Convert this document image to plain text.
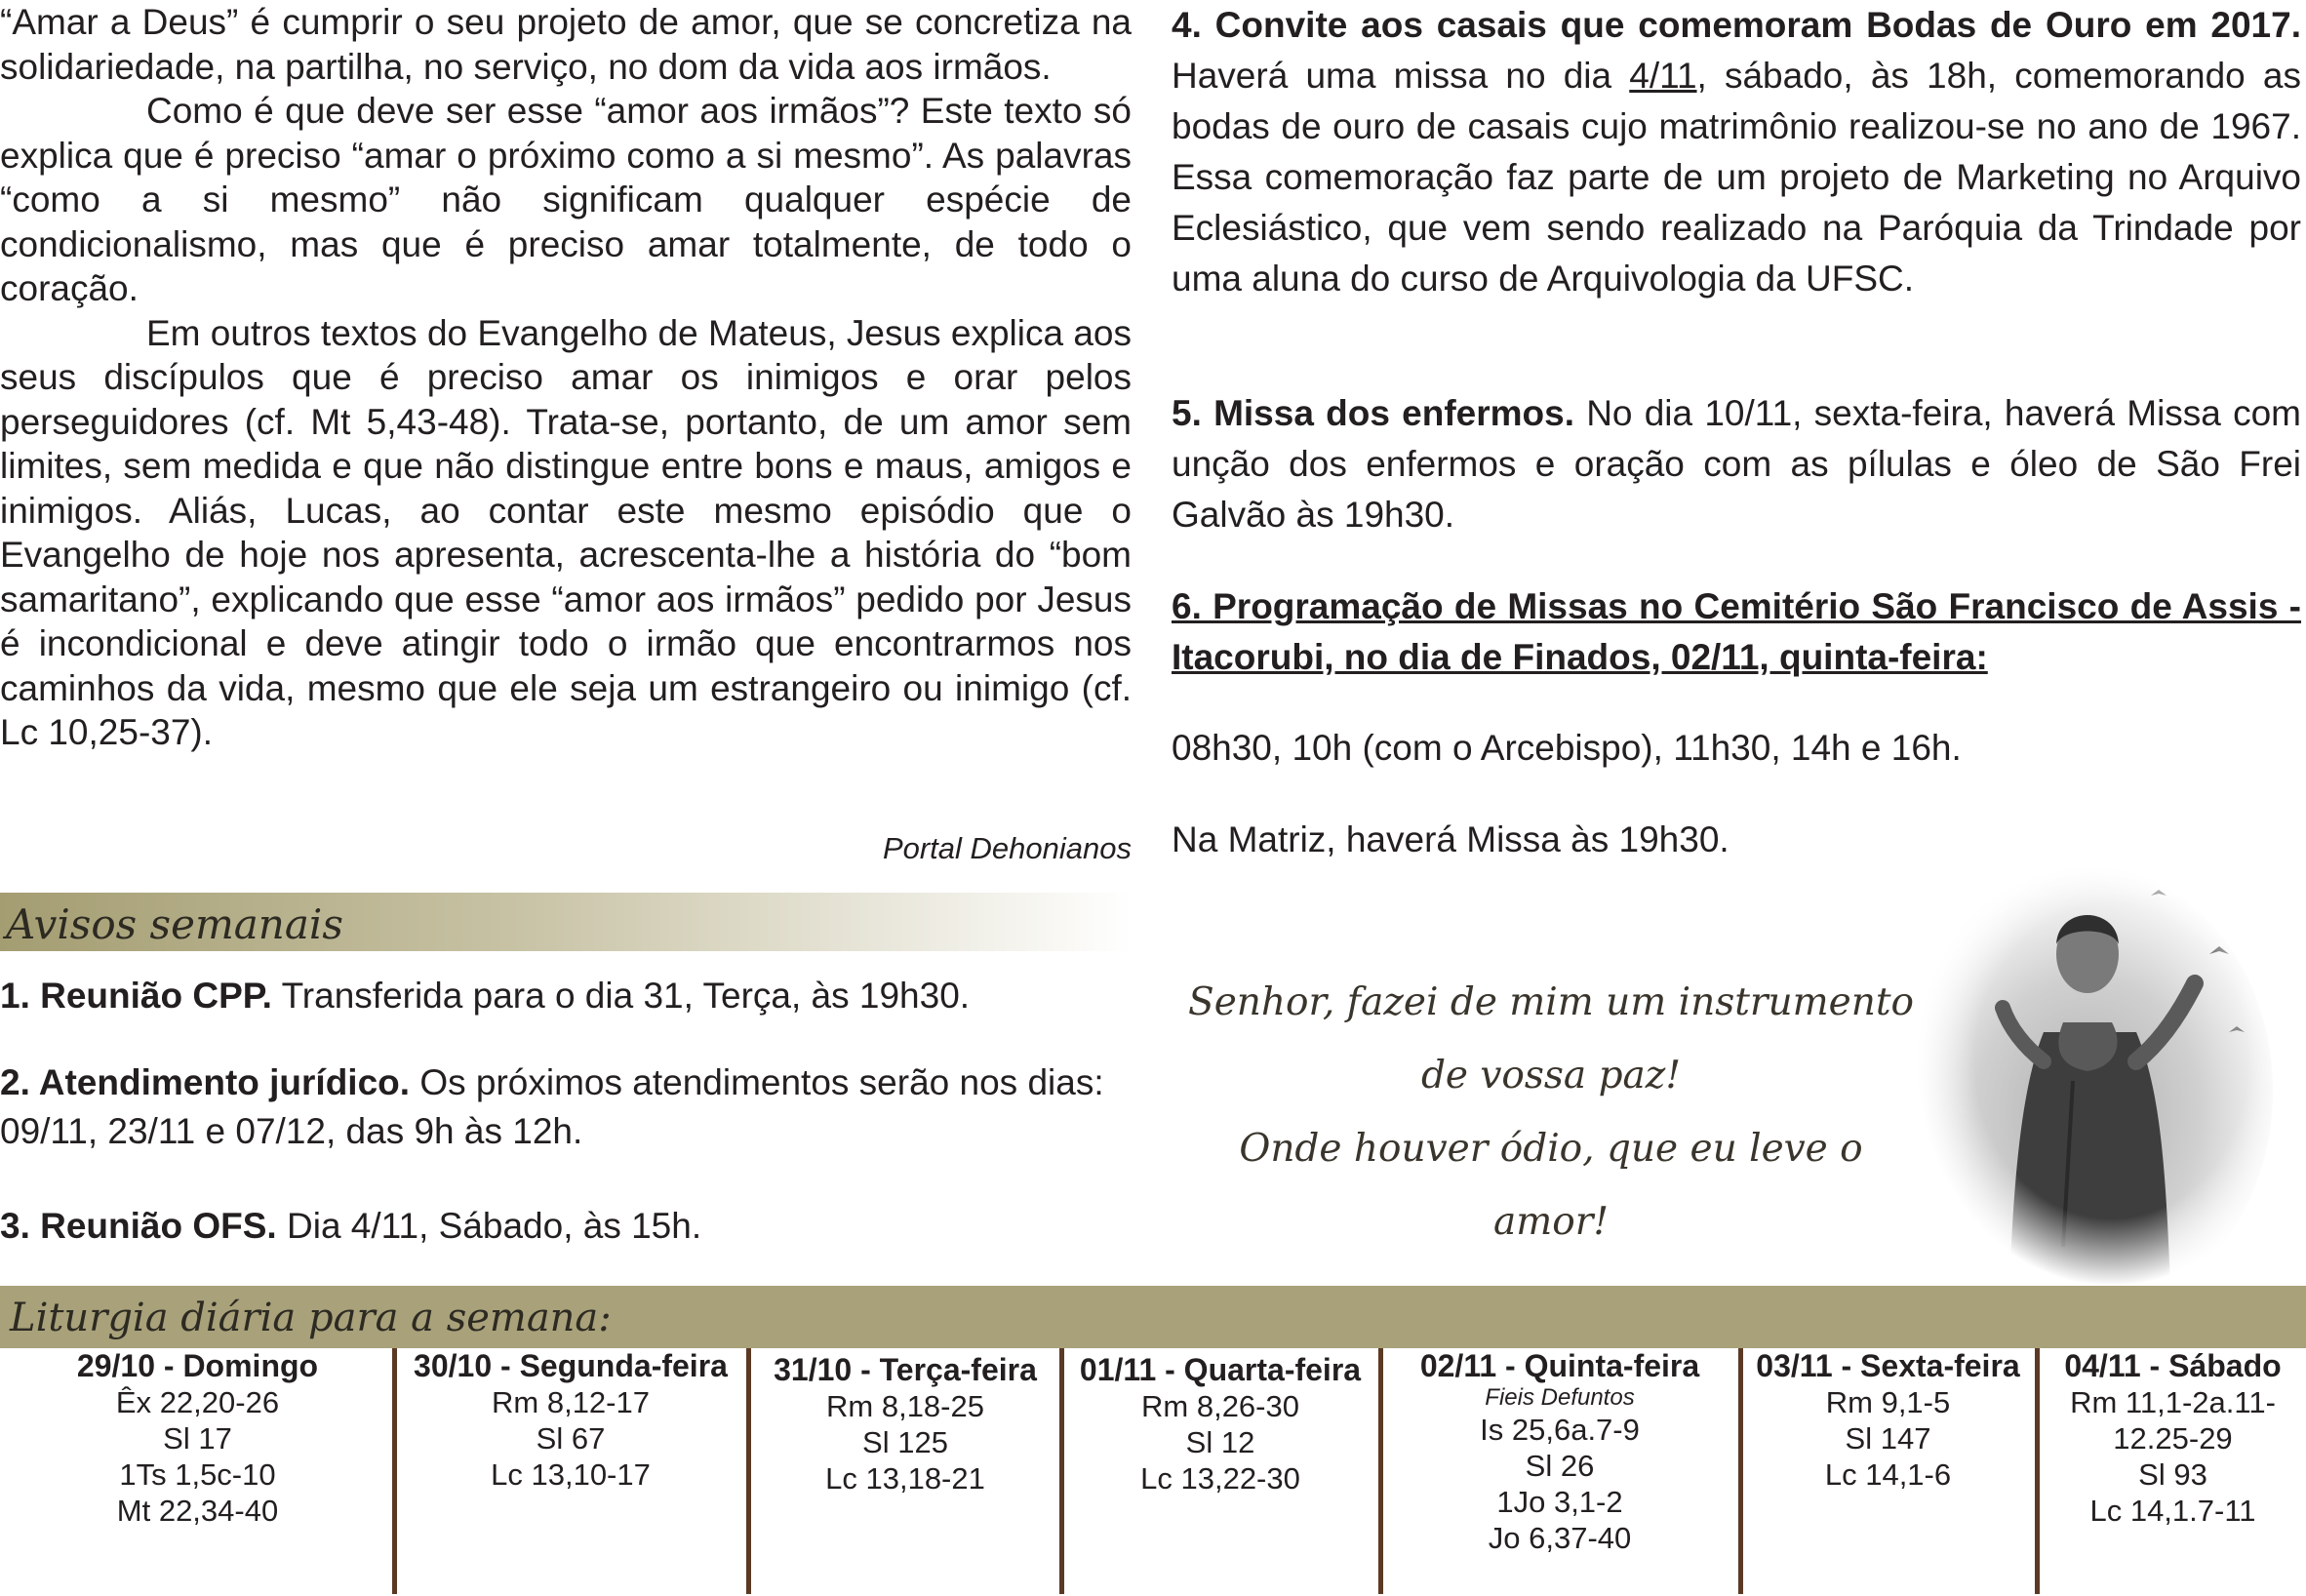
“Amar a Deus” é cumprir o seu projeto de amor, que se concretiza na solidariedade, na partilha, no serviço, no dom da vida aos irmãos.

Como é que deve ser esse “amor aos irmãos”? Este texto só explica que é preciso “amar o próximo como a si mesmo”. As palavras “como a si mesmo” não significam qualquer espécie de condicionalismo, mas que é preciso amar totalmente, de todo o coração.

Em outros textos do Evangelho de Mateus, Jesus explica aos seus discípulos que é preciso amar os inimigos e orar pelos perseguidores (cf. Mt 5,43-48). Trata-se, portanto, de um amor sem limites, sem medida e que não distingue entre bons e maus, amigos e inimigos. Aliás, Lucas, ao contar este mesmo episódio que o Evangelho de hoje nos apresenta, acrescenta-lhe a história do “bom samaritano”, explicando que esse “amor aos irmãos” pedido por Jesus é incondicional e deve atingir todo o irmão que encontrarmos nos caminhos da vida, mesmo que ele seja um estrangeiro ou inimigo (cf. Lc 10,25-37).

Portal Dehonianos
Avisos semanais
1. Reunião CPP. Transferida para o dia 31, Terça, às 19h30.
2. Atendimento jurídico. Os próximos atendimentos serão nos dias: 09/11, 23/11 e 07/12, das 9h às 12h.
3. Reunião OFS. Dia 4/11, Sábado, às 15h.

4. Convite aos casais que comemoram Bodas de Ouro em 2017. Haverá uma missa no dia 4/11, sábado, às 18h, comemorando as bodas de ouro de casais cujo matrimônio realizou-se no ano de 1967. Essa comemoração faz parte de um projeto de Marketing no Arquivo Eclesiástico, que vem sendo realizado na Paróquia da Trindade por uma aluna do curso de Arquivologia da UFSC.

5. Missa dos enfermos. No dia 10/11, sexta-feira, haverá Missa com unção dos enfermos e oração com as pílulas e óleo de São Frei Galvão às 19h30.

6. Programação de Missas no Cemitério São Francisco de Assis - Itacorubi, no dia de Finados, 02/11, quinta-feira:

08h30, 10h (com o Arcebispo), 11h30, 14h e 16h.
Na Matriz, haverá Missa às 19h30.
Senhor, fazei de mim um instrumento
de vossa paz!
Onde houver ódio, que eu leve o
amor!
Liturgia diária para a semana:
29/10 - Domingo
Êx 22,20-26
Sl 17
1Ts 1,5c-10
Mt 22,34-40
30/10 - Segunda-feira
Rm 8,12-17
Sl 67
Lc 13,10-17
31/10 - Terça-feira
Rm 8,18-25
Sl 125
Lc 13,18-21
01/11 - Quarta-feira
Rm 8,26-30
Sl 12
Lc 13,22-30
02/11 - Quinta-feira
Fieis Defuntos
Is 25,6a.7-9
Sl 26
1Jo 3,1-2
Jo 6,37-40
03/11 - Sexta-feira
Rm 9,1-5
Sl 147
Lc 14,1-6
04/11 - Sábado
Rm 11,1-2a.11-
12.25-29
Sl 93
Lc 14,1.7-11
